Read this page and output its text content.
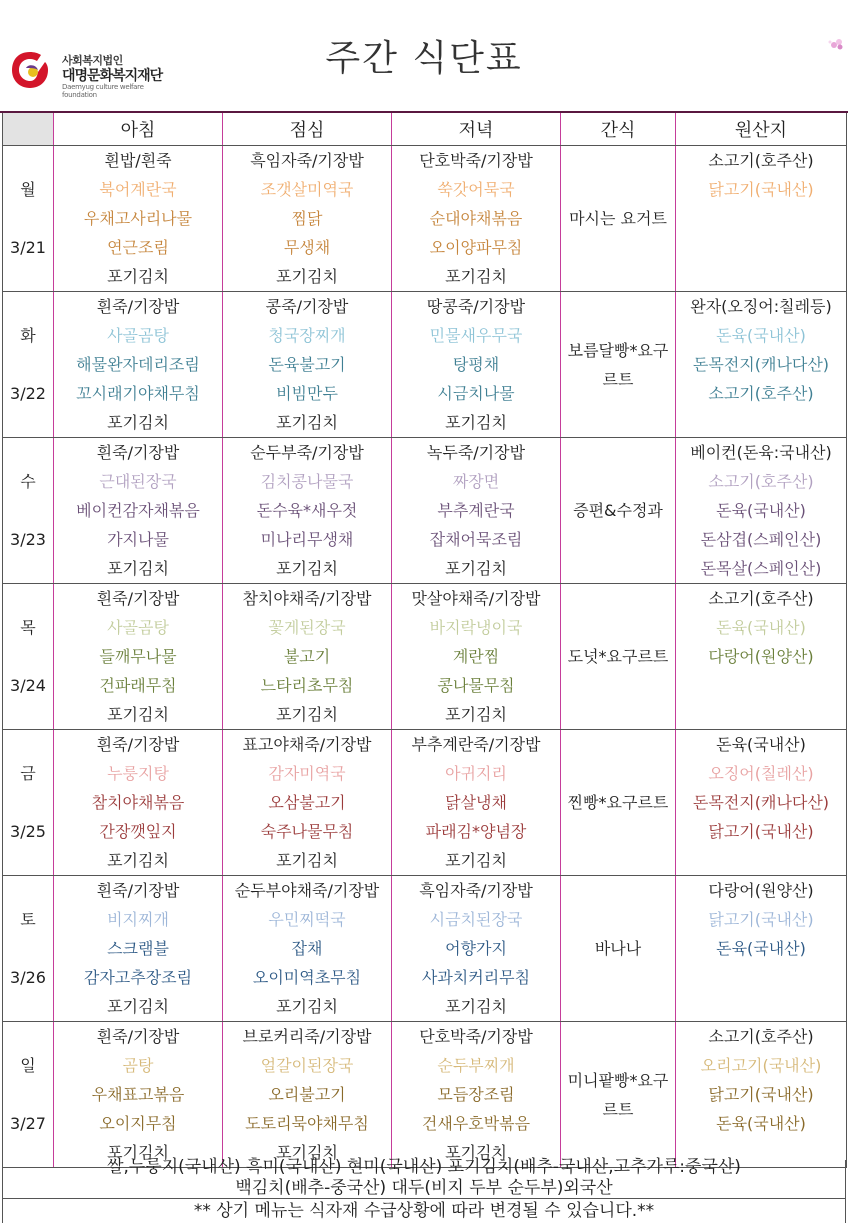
사회복지법인
대명문화복지재단
Daemyug culture welfare foundation
주간 식단표
	아침	점심	저녁	간식	원산지

월
3/21	흰밥/흰죽	흑임자죽/기장밥	단호박죽/기장밥	마시는 요거트	소고기(호주산)
	북어계란국	조갯살미역국	쑥갓어묵국		닭고기(국내산)
	우채고사리나물	찜닭	순대야채볶음		
	연근조림	무생채	오이양파무침		
	포기김치	포기김치	포기김치		

화
3/22	흰죽/기장밥	콩죽/기장밥	땅콩죽/기장밥	보름달빵*요구르트	완자(오징어:칠레등)
	사골곰탕	청국장찌개	민물새우무국		돈육(국내산)
	해물완자데리조림	돈육불고기	탕평채		돈목전지(캐나다산)
	꼬시래기야채무침	비빔만두	시금치나물		소고기(호주산)
	포기김치	포기김치	포기김치		

수
3/23	흰죽/기장밥	순두부죽/기장밥	녹두죽/기장밥	증편&수정과	베이컨(돈육:국내산)
	근대된장국	김치콩나물국	짜장면		소고기(호주산)
	베이컨감자채볶음	돈수육*새우젓	부추계란국		돈육(국내산)
	가지나물	미나리무생채	잡채어묵조림		돈삼겹(스페인산)
	포기김치	포기김치	포기김치		돈목살(스페인산)

목
3/24	흰죽/기장밥	참치야채죽/기장밥	맛살야채죽/기장밥	도넛*요구르트	소고기(호주산)
	사골곰탕	꽃게된장국	바지락냉이국		돈육(국내산)
	들깨무나물	불고기	계란찜		다랑어(원양산)
	건파래무침	느타리초무침	콩나물무침		
	포기김치	포기김치	포기김치		

금
3/25	흰죽/기장밥	표고야채죽/기장밥	부추계란죽/기장밥	찐빵*요구르트	돈육(국내산)
	누룽지탕	감자미역국	아귀지리		오징어(칠레산)
	참치야채볶음	오삼불고기	닭살냉채		돈목전지(캐나다산)
	간장깻잎지	숙주나물무침	파래김*양념장		닭고기(국내산)
	포기김치	포기김치	포기김치		

토
3/26	흰죽/기장밥	순두부야채죽/기장밥	흑임자죽/기장밥	바나나	다랑어(원양산)
	비지찌개	우민찌떡국	시금치된장국		닭고기(국내산)
	스크램블	잡채	어향가지		돈육(국내산)
	감자고추장조림	오이미역초무침	사과치커리무침		
	포기김치	포기김치	포기김치		

일
3/27	흰죽/기장밥	브로커리죽/기장밥	단호박죽/기장밥	미니팥빵*요구르트	소고기(호주산)
	곰탕	얼갈이된장국	순두부찌개		오리고기(국내산)
	우채표고볶음	오리불고기	모듬장조림		닭고기(국내산)
	오이지무침	도토리묵야채무침	건새우호박볶음		돈육(국내산)
	포기김치	포기김치	포기김치		
쌀,누룽지(국내산) 흑미(국내산) 현미(국내산) 포기김치(배추-국내산,고추가루:중국산)
백김치(배추-중국산) 대두(비지 두부 순두부)외국산
** 상기 메뉴는 식자재 수급상황에 따라 변경될 수 있습니다.**
